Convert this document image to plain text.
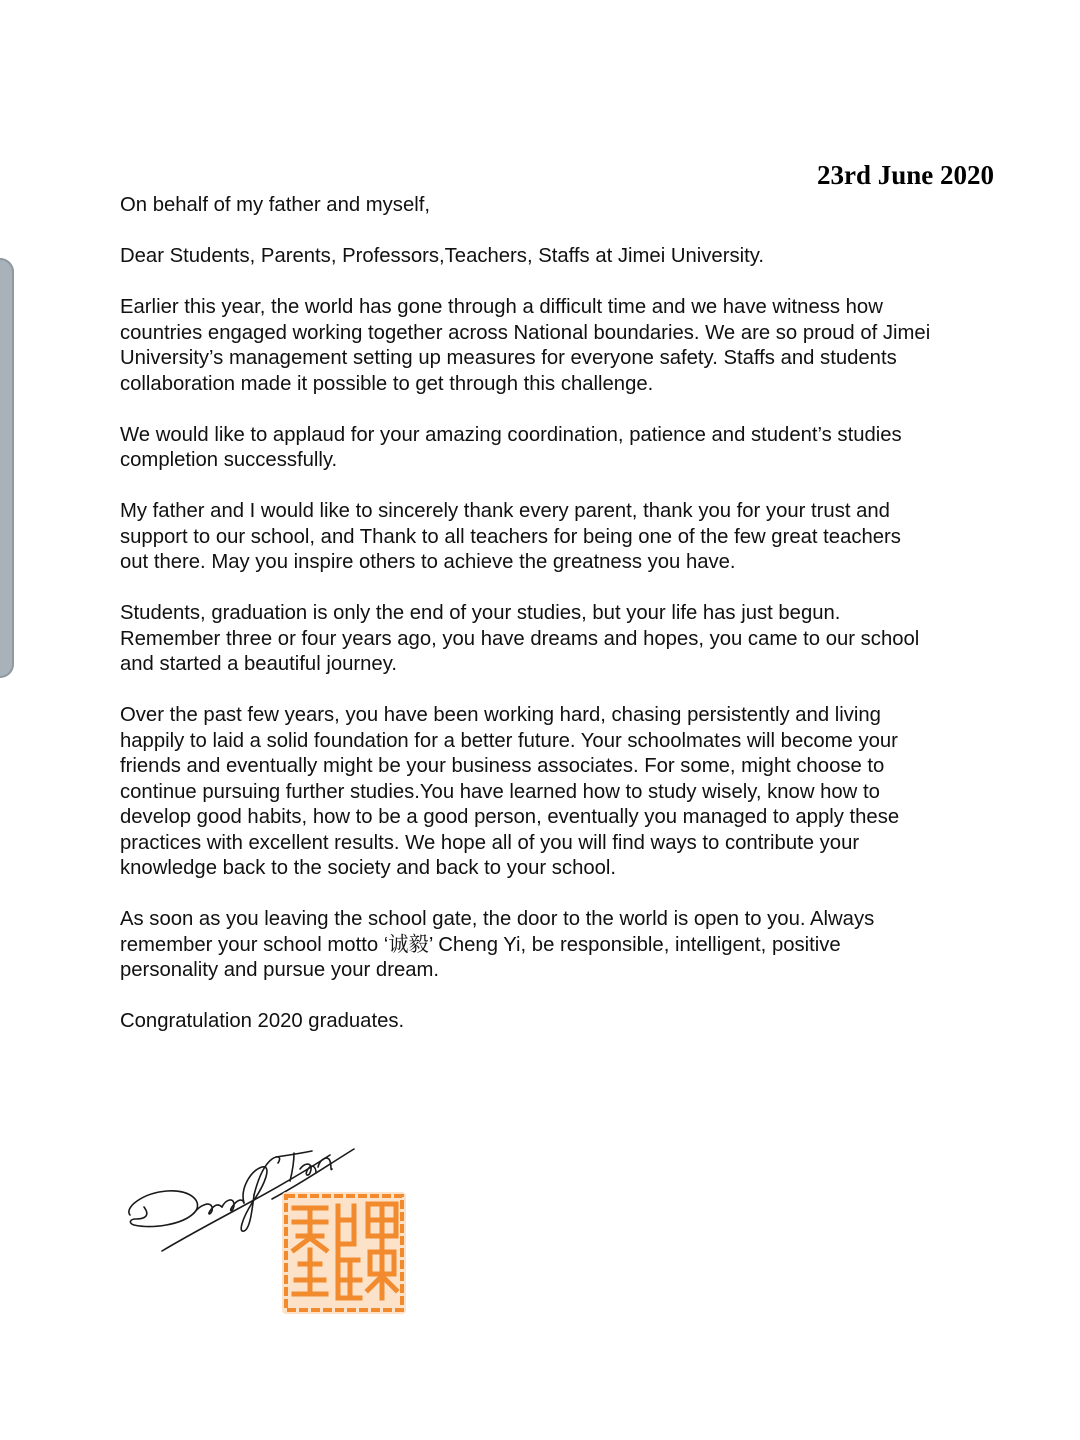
23rd June 2020

On behalf of my father and myself,

Dear Students, Parents, Professors,Teachers, Staffs at Jimei University.

Earlier this year, the world has gone through a difficult time and we have witness how
countries engaged working together across National boundaries. We are so proud of Jimei
University’s management setting up measures for everyone safety. Staffs and students
collaboration made it possible to get through this challenge.

We would like to applaud for your amazing coordination, patience and student’s studies
completion successfully.

My father and I would like to sincerely thank every parent, thank you for your trust and
support to our school, and Thank to all teachers for being one of the few great teachers
out there. May you inspire others to achieve the greatness you have.

Students, graduation is only the end of your studies, but your life has just begun.
Remember three or four years ago, you have dreams and hopes, you came to our school
and started a beautiful journey.

Over the past few years, you have been working hard, chasing persistently and living
happily to laid a solid foundation for a better future. Your schoolmates will become your
friends and eventually might be your business associates. For some, might choose to
continue pursuing further studies.You have learned how to study wisely, know how to
develop good habits, how to be a good person, eventually you managed to apply these
practices with excellent results. We hope all of you will find ways to contribute your
knowledge back to the society and back to your school.

As soon as you leaving the school gate, the door to the world is open to you. Always
remember your school motto ‘诚毅’ Cheng Yi, be responsible, intelligent, positive
personality and pursue your dream.

Congratulation 2020 graduates.
